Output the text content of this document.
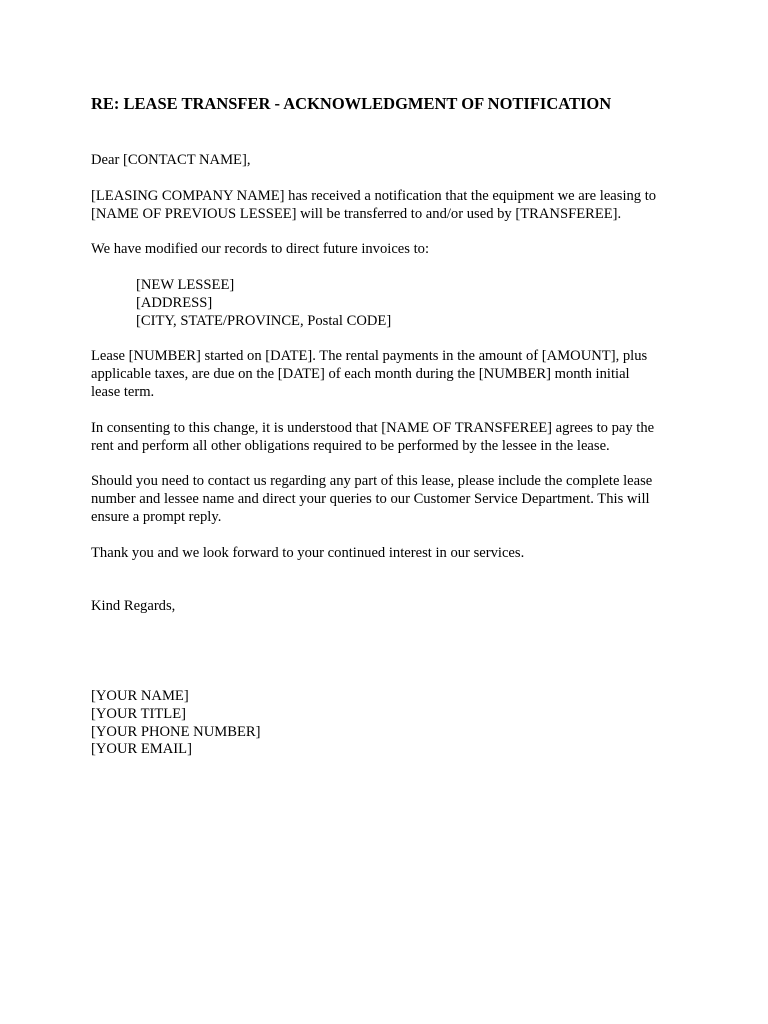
RE: LEASE TRANSFER - ACKNOWLEDGMENT OF NOTIFICATION
Dear [CONTACT NAME],
[LEASING COMPANY NAME] has received a notification that the equipment we are leasing to
[NAME OF PREVIOUS LESSEE] will be transferred to and/or used by [TRANSFEREE].
We have modified our records to direct future invoices to:
[NEW LESSEE]
[ADDRESS]
[CITY, STATE/PROVINCE, Postal CODE]
Lease [NUMBER] started on [DATE]. The rental payments in the amount of [AMOUNT], plus
applicable taxes, are due on the [DATE] of each month during the [NUMBER] month initial
lease term.
In consenting to this change, it is understood that [NAME OF TRANSFEREE] agrees to pay the
rent and perform all other obligations required to be performed by the lessee in the lease.
Should you need to contact us regarding any part of this lease, please include the complete lease
number and lessee name and direct your queries to our Customer Service Department. This will
ensure a prompt reply.
Thank you and we look forward to your continued interest in our services.
Kind Regards,
[YOUR NAME]
[YOUR TITLE]
[YOUR PHONE NUMBER]
[YOUR EMAIL]
